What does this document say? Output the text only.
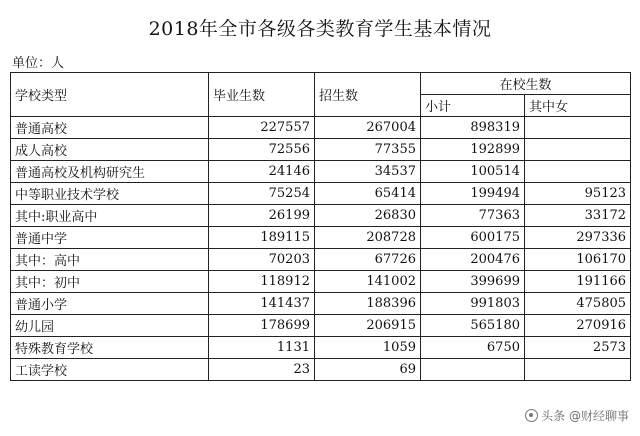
2018年全市各级各类教育学生基本情况
单位：人
学校类型	毕业生数	招生数	在校生数	
			小计	其中女
普通高校	227557	267004	898319	
成人高校	72556	77355	192899	
普通高校及机构研究生	24146	34537	100514	
中等职业技术学校	75254	65414	199494	95123
其中:职业高中	26199	26830	77363	33172
普通中学	189115	208728	600175	297336
其中：高中	70203	67726	200476	106170
其中：初中	118912	141002	399699	191166
普通小学	141437	188396	991803	475805
幼儿园	178699	206915	565180	270916
特殊教育学校	1131	1059	6750	2573
工读学校	23	69		
头条 @财经聊事
